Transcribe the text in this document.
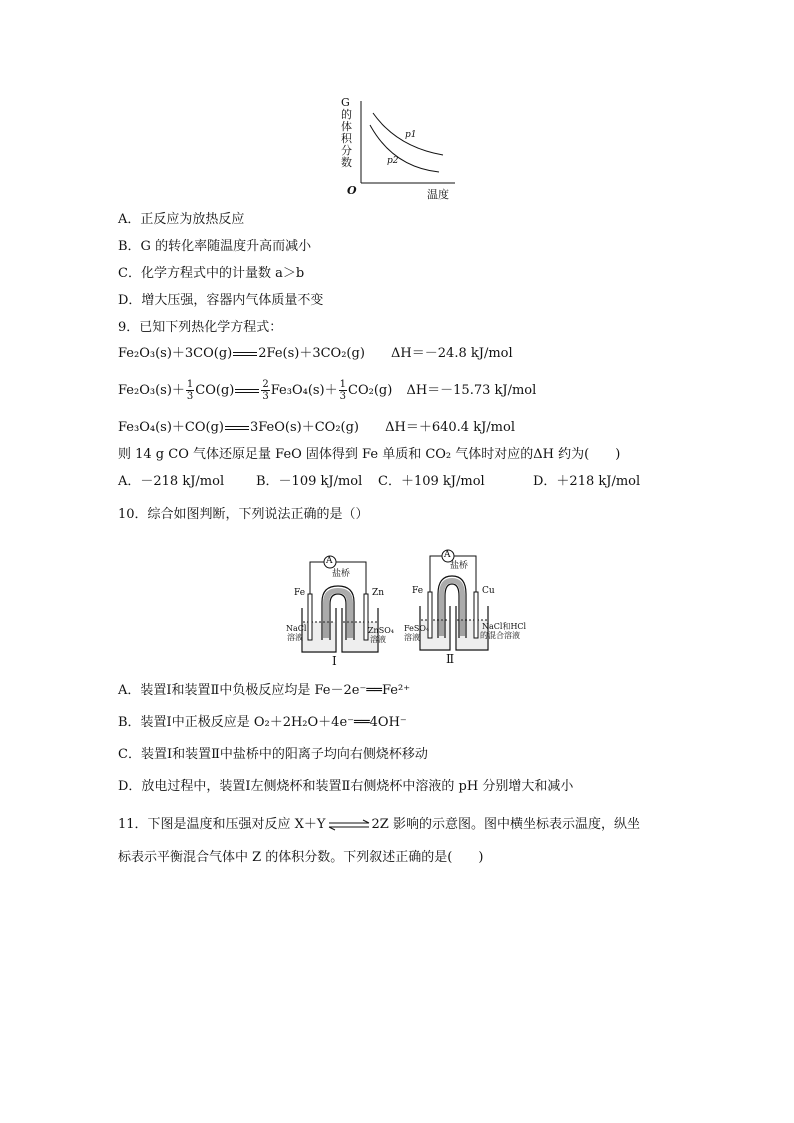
G的体积分数
O	温度
p1
p2
A．正反应为放热反应
B．G 的转化率随温度升高而减小
C．化学方程式中的计量数 a＞b
D．增大压强，容器内气体质量不变
9．已知下列热化学方程式：
Fe₂O₃(s)＋3CO(g) 2Fe(s)＋3CO₂(g) ΔH＝－24.8 kJ/mol
$Fe_2O_3(s)+ \frac{1}{3} CO(g)$	$\frac{2}{3} Fe_3O_4(s)+ \frac{1}{3} CO_2(g)$ ΔH＝－15.73 kJ/mol
Fe₃O₄(s)＋CO(g) 3FeO(s)＋CO₂(g) ΔH＝＋640.4 kJ/mol
则 14 g CO 气体还原足量 FeO 固体得到 Fe 单质和 CO₂ 气体时对应的ΔH 约为(　　)
A．－218 kJ/mol B．－109 kJ/mol C．＋109 kJ/mol	D．＋218 kJ/mol
10．综合如图判断，下列说法正确的是（）
A
盐桥
Fe	Zn
NaCl
溶液
ZnSO₄
溶液
Ⅰ
A
盐桥
Fe	Cu
FeSO₄
溶液
NaCl和HCl
的混合溶液
Ⅱ
A．装置Ⅰ和装置Ⅱ中负极反应均是 Fe－2e⁻══Fe²⁺
B．装置Ⅰ中正极反应是 O₂＋2H₂O＋4e⁻══4OH⁻
C．装置Ⅰ和装置Ⅱ中盐桥中的阳离子均向右侧烧杯移动
D．放电过程中，装置Ⅰ左侧烧杯和装置Ⅱ右侧烧杯中溶液的 pH 分别增大和减小
11．下图是温度和压强对反应 X＋Y⇌2Z 影响的示意图。图中横坐标表示温度，纵坐
标表示平衡混合气体中 Z 的体积分数。下列叙述正确的是(　　)
